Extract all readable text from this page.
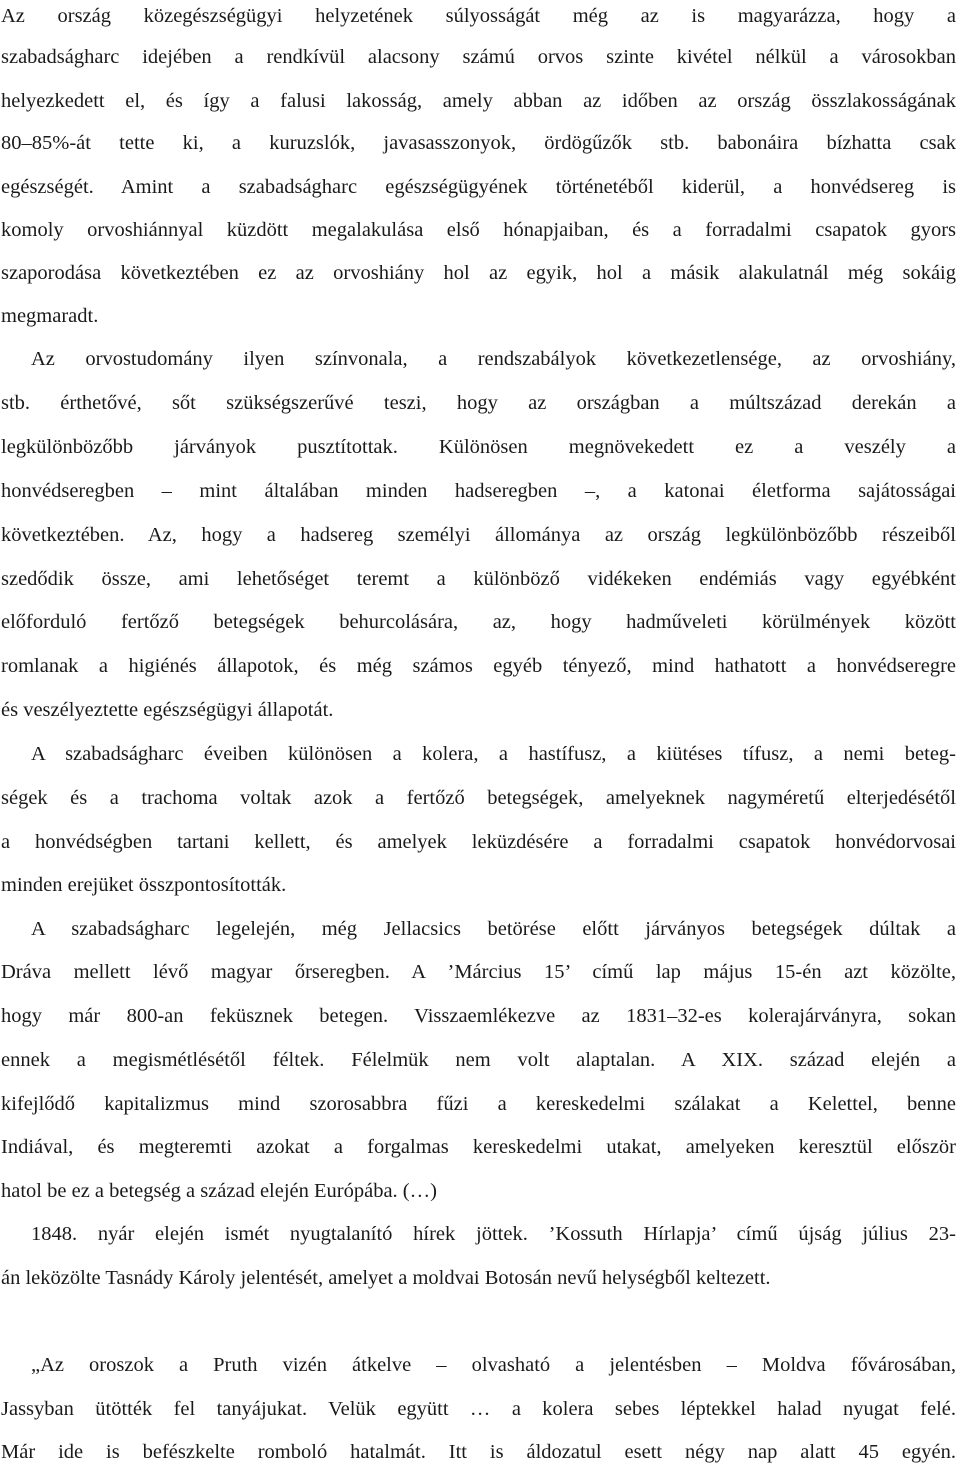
Az ország közegészségügyi helyzetének súlyosságát még az is magyarázza, hogy a
szabadságharc idejében a rendkívül alacsony számú orvos szinte kivétel nélkül a városokban
helyezkedett el, és így a falusi lakosság, amely abban az időben az ország összlakosságának
80–85%-át tette ki, a kuruzslók, javasasszonyok, ördögűzők stb. babonáira bízhatta csak
egészségét. Amint a szabadságharc egészségügyének történetéből kiderül, a honvédsereg is
komoly orvoshiánnyal küzdött megalakulása első hónapjaiban, és a forradalmi csapatok gyors
szaporodása következtében ez az orvoshiány hol az egyik, hol a másik alakulatnál még sokáig
megmaradt.
Az orvostudomány ilyen színvonala, a rendszabályok következetlensége, az orvoshiány,
stb. érthetővé, sőt szükségszerűvé teszi, hogy az országban a múltszázad derekán a
legkülönbözőbb járványok pusztítottak. Különösen megnövekedett ez a veszély a
honvédseregben – mint általában minden hadseregben –, a katonai életforma sajátosságai
következtében. Az, hogy a hadsereg személyi állománya az ország legkülönbözőbb részeiből
szedődik össze, ami lehetőséget teremt a különböző vidékeken endémiás vagy egyébként
előforduló fertőző betegségek behurcolására, az, hogy hadműveleti körülmények között
romlanak a higiénés állapotok, és még számos egyéb tényező, mind hathatott a honvédseregre
és veszélyeztette egészségügyi állapotát.
A szabadságharc éveiben különösen a kolera, a hastífusz, a kiütéses tífusz, a nemi beteg-
ségek és a trachoma voltak azok a fertőző betegségek, amelyeknek nagyméretű elterjedésétől
a honvédségben tartani kellett, és amelyek leküzdésére a forradalmi csapatok honvédorvosai
minden erejüket összpontosították.
A szabadságharc legelején, még Jellacsics betörése előtt járványos betegségek dúltak a
Dráva mellett lévő magyar őrseregben. A ’Március 15’ című lap május 15-én azt közölte,
hogy már 800-an feküsznek betegen. Visszaemlékezve az 1831–32-es kolerajárványra, sokan
ennek a megismétlésétől féltek. Félelmük nem volt alaptalan. A XIX. század elején a
kifejlődő kapitalizmus mind szorosabbra fűzi a kereskedelmi szálakat a Kelettel, benne
Indiával, és megteremti azokat a forgalmas kereskedelmi utakat, amelyeken keresztül először
hatol be ez a betegség a század elején Európába. (…)
1848. nyár elején ismét nyugtalanító hírek jöttek. ’Kossuth Hírlapja’ című újság július 23-
án leközölte Tasnády Károly jelentését, amelyet a moldvai Botosán nevű helységből keltezett.
„Az oroszok a Pruth vizén átkelve – olvasható a jelentésben – Moldva fővárosában,
Jassyban ütötték fel tanyájukat. Velük együtt … a kolera sebes léptekkel halad nyugat felé.
Már ide is befészkelte romboló hatalmát. Itt is áldozatul esett négy nap alatt 45 egyén.
